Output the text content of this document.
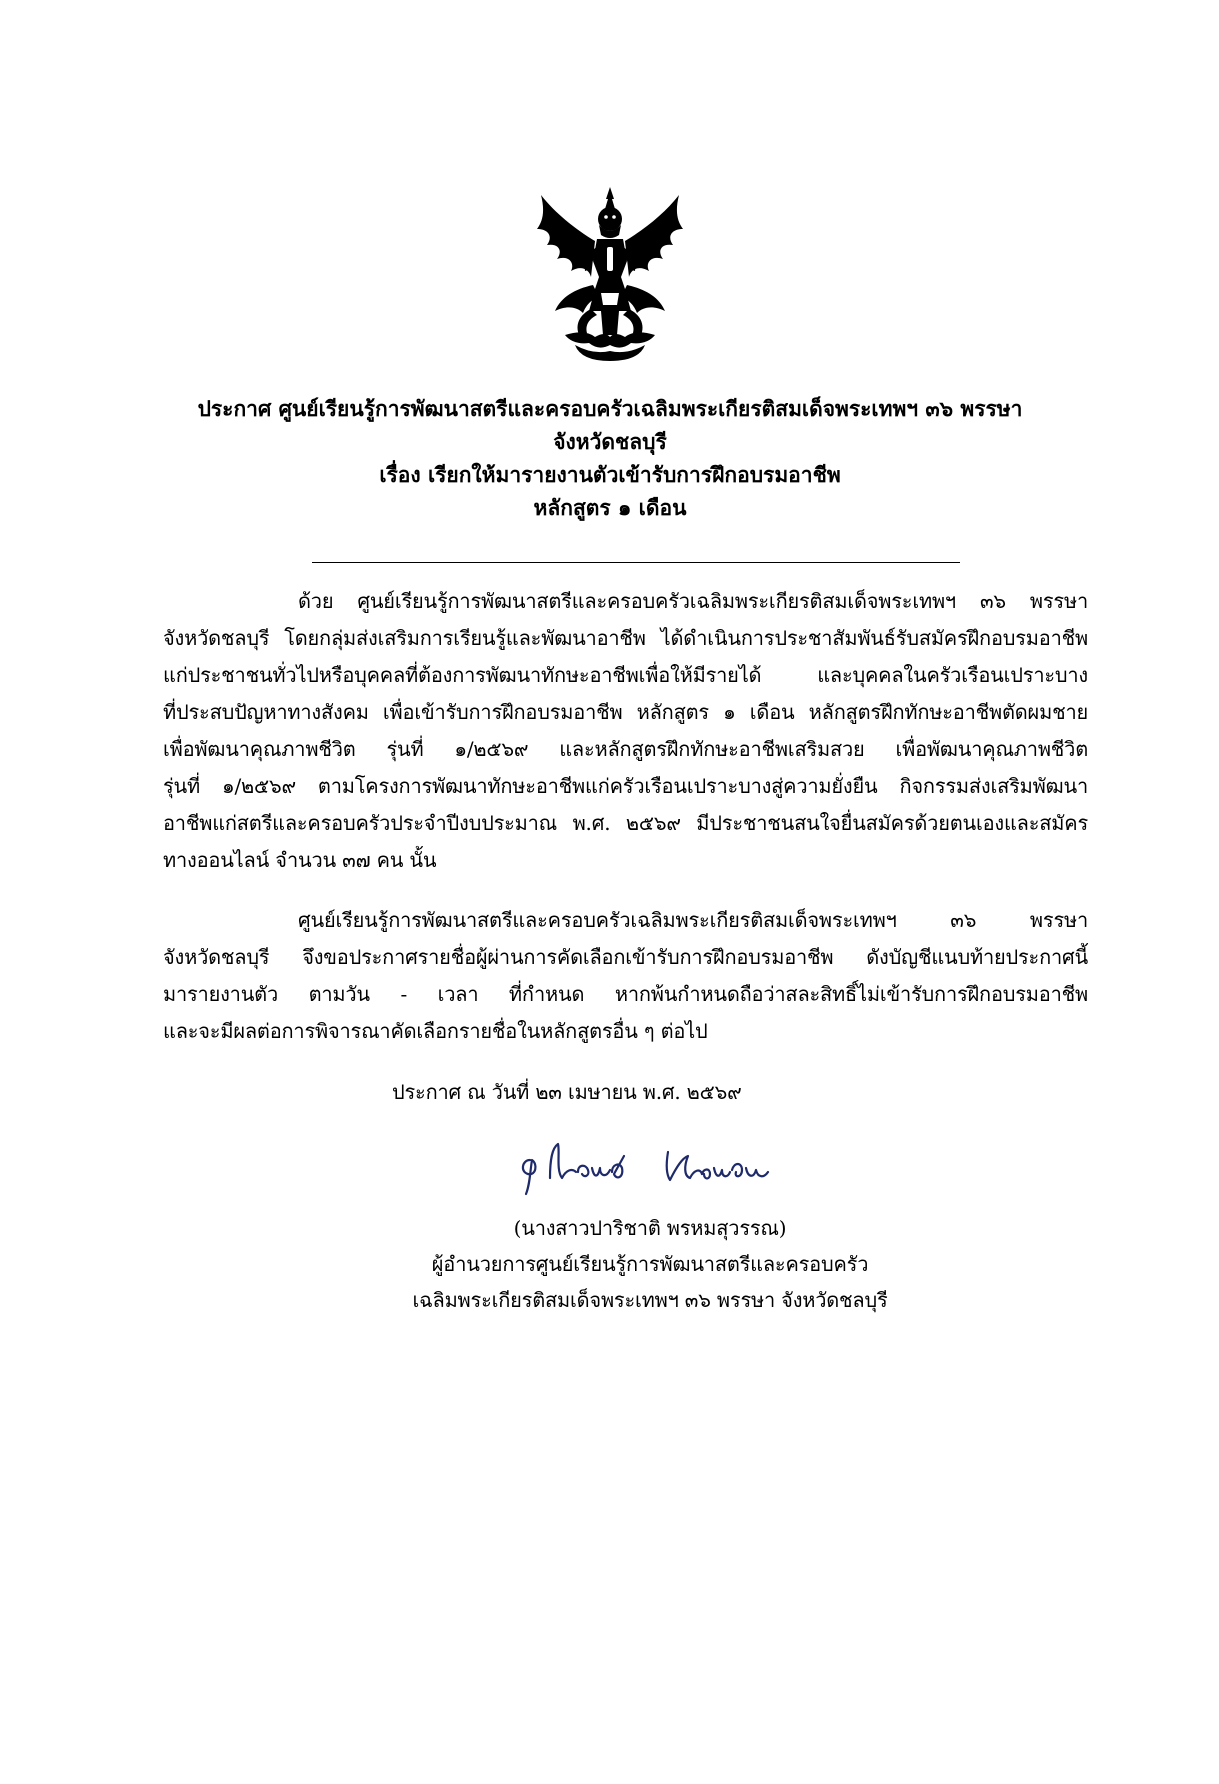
ประกาศ ศูนย์เรียนรู้การพัฒนาสตรีและครอบครัวเฉลิมพระเกียรติสมเด็จพระเทพฯ ๓๖ พรรษา
จังหวัดชลบุรี
เรื่อง เรียกให้มารายงานตัวเข้ารับการฝึกอบรมอาชีพ
หลักสูตร ๑ เดือน
ด้วย ศูนย์เรียนรู้การพัฒนาสตรีและครอบครัวเฉลิมพระเกียรติสมเด็จพระเทพฯ ๓๖ พรรษา
จังหวัดชลบุรี โดยกลุ่มส่งเสริมการเรียนรู้และพัฒนาอาชีพ ได้ดำเนินการประชาสัมพันธ์รับสมัครฝึกอบรมอาชีพ
แก่ประชาชนทั่วไปหรือบุคคลที่ต้องการพัฒนาทักษะอาชีพเพื่อให้มีรายได้ และบุคคลในครัวเรือนเปราะบาง
ที่ประสบปัญหาทางสังคม เพื่อเข้ารับการฝึกอบรมอาชีพ หลักสูตร ๑ เดือน หลักสูตรฝึกทักษะอาชีพตัดผมชาย
เพื่อพัฒนาคุณภาพชีวิต รุ่นที่ ๑/๒๕๖๙ และหลักสูตรฝึกทักษะอาชีพเสริมสวย เพื่อพัฒนาคุณภาพชีวิต
รุ่นที่ ๑/๒๕๖๙ ตามโครงการพัฒนาทักษะอาชีพแก่ครัวเรือนเปราะบางสู่ความยั่งยืน กิจกรรมส่งเสริมพัฒนา
อาชีพแก่สตรีและครอบครัวประจำปีงบประมาณ พ.ศ. ๒๕๖๙ มีประชาชนสนใจยื่นสมัครด้วยตนเองและสมัคร
ทางออนไลน์ จำนวน ๓๗ คน นั้น
ศูนย์เรียนรู้การพัฒนาสตรีและครอบครัวเฉลิมพระเกียรติสมเด็จพระเทพฯ ๓๖ พรรษา
จังหวัดชลบุรี จึงขอประกาศรายชื่อผู้ผ่านการคัดเลือกเข้ารับการฝึกอบรมอาชีพ ดังบัญชีแนบท้ายประกาศนี้
มารายงานตัว ตามวัน - เวลา ที่กำหนด หากพ้นกำหนดถือว่าสละสิทธิ์ไม่เข้ารับการฝึกอบรมอาชีพ
และจะมีผลต่อการพิจารณาคัดเลือกรายชื่อในหลักสูตรอื่น ๆ ต่อไป
ประกาศ ณ วันที่ ๒๓ เมษายน พ.ศ. ๒๕๖๙
(นางสาวปาริชาติ พรหมสุวรรณ)
ผู้อำนวยการศูนย์เรียนรู้การพัฒนาสตรีและครอบครัว
เฉลิมพระเกียรติสมเด็จพระเทพฯ ๓๖ พรรษา จังหวัดชลบุรี
